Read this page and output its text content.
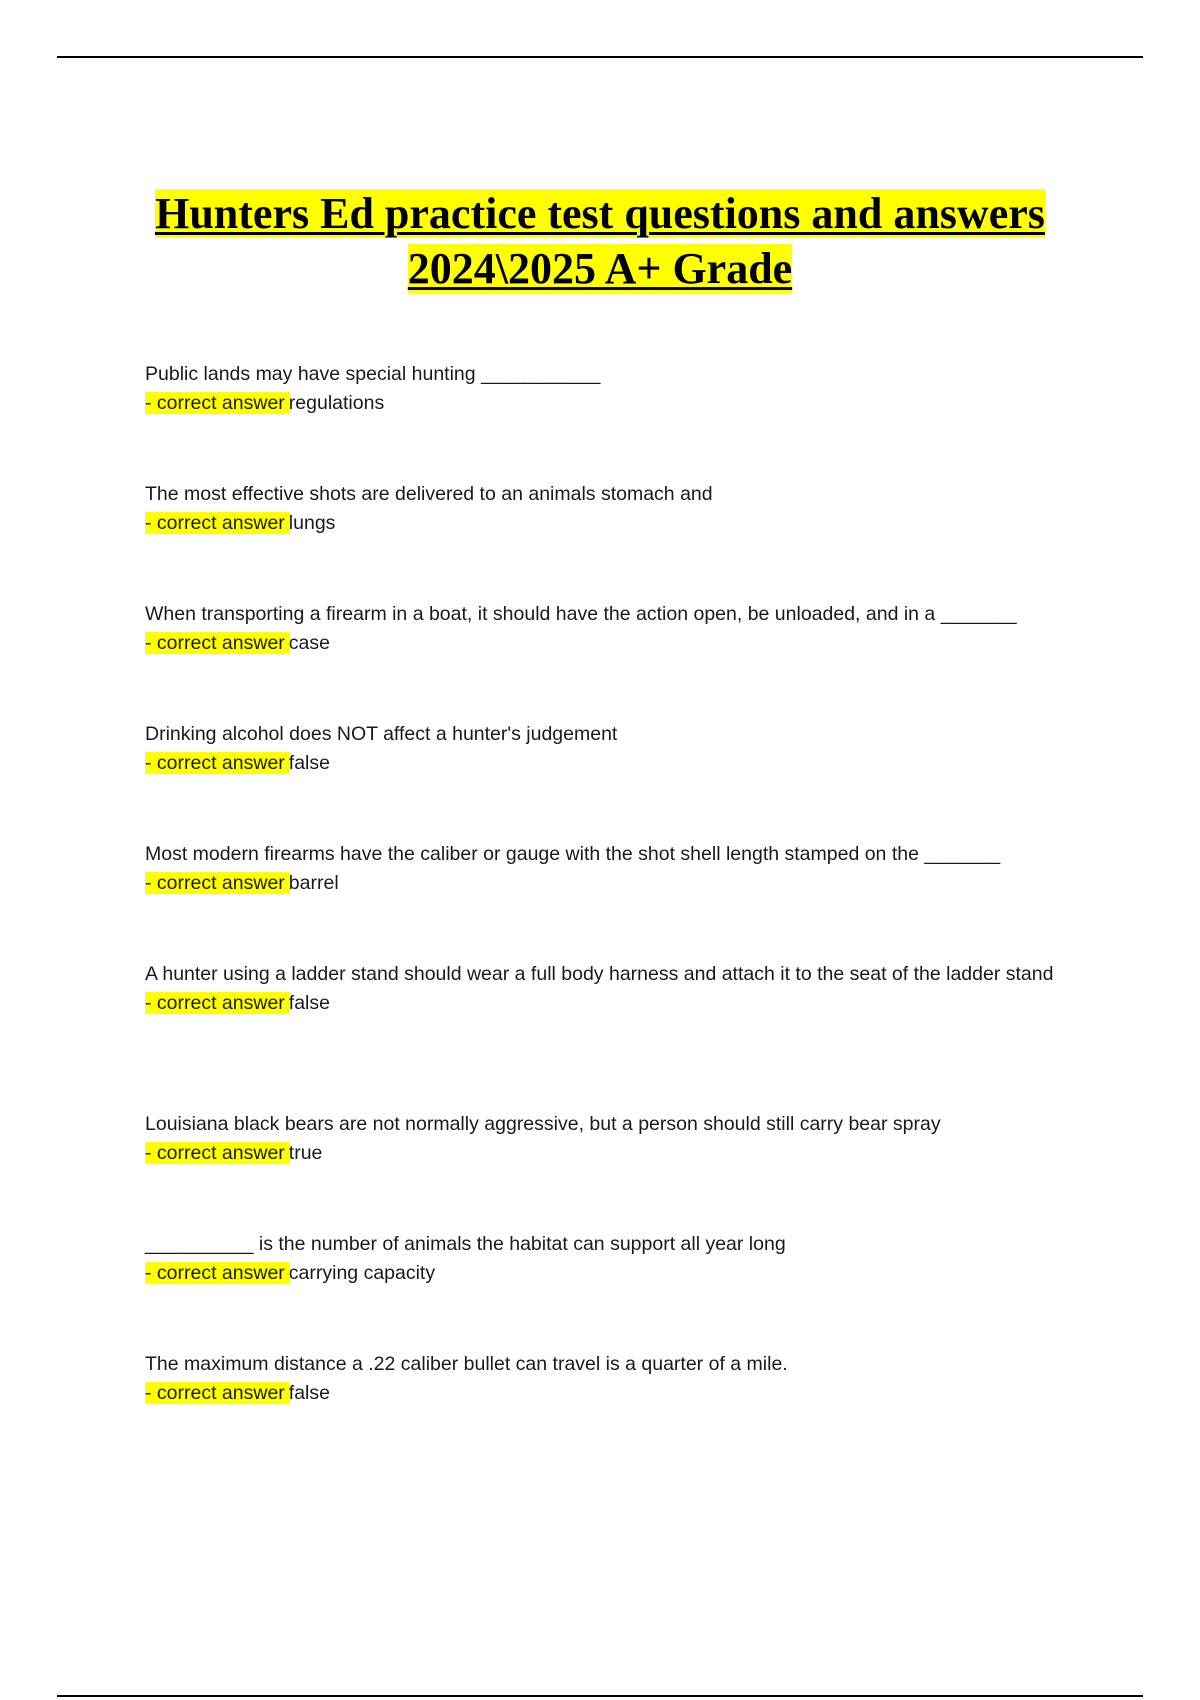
Hunters Ed practice test questions and answers
2024\2025 A+ Grade
Public lands may have special hunting ___________
- correct answer regulations
The most effective shots are delivered to an animals stomach and
- correct answer lungs
When transporting a firearm in a boat, it should have the action open, be unloaded, and in a _______
- correct answer case
Drinking alcohol does NOT affect a hunter's judgement
- correct answer false
Most modern firearms have the caliber or gauge with the shot shell length stamped on the _______
- correct answer barrel
A hunter using a ladder stand should wear a full body harness and attach it to the seat of the ladder stand
- correct answer false
Louisiana black bears are not normally aggressive, but a person should still carry bear spray
- correct answer true
__________ is the number of animals the habitat can support all year long
- correct answer carrying capacity
The maximum distance a .22 caliber bullet can travel is a quarter of a mile.
- correct answer false
